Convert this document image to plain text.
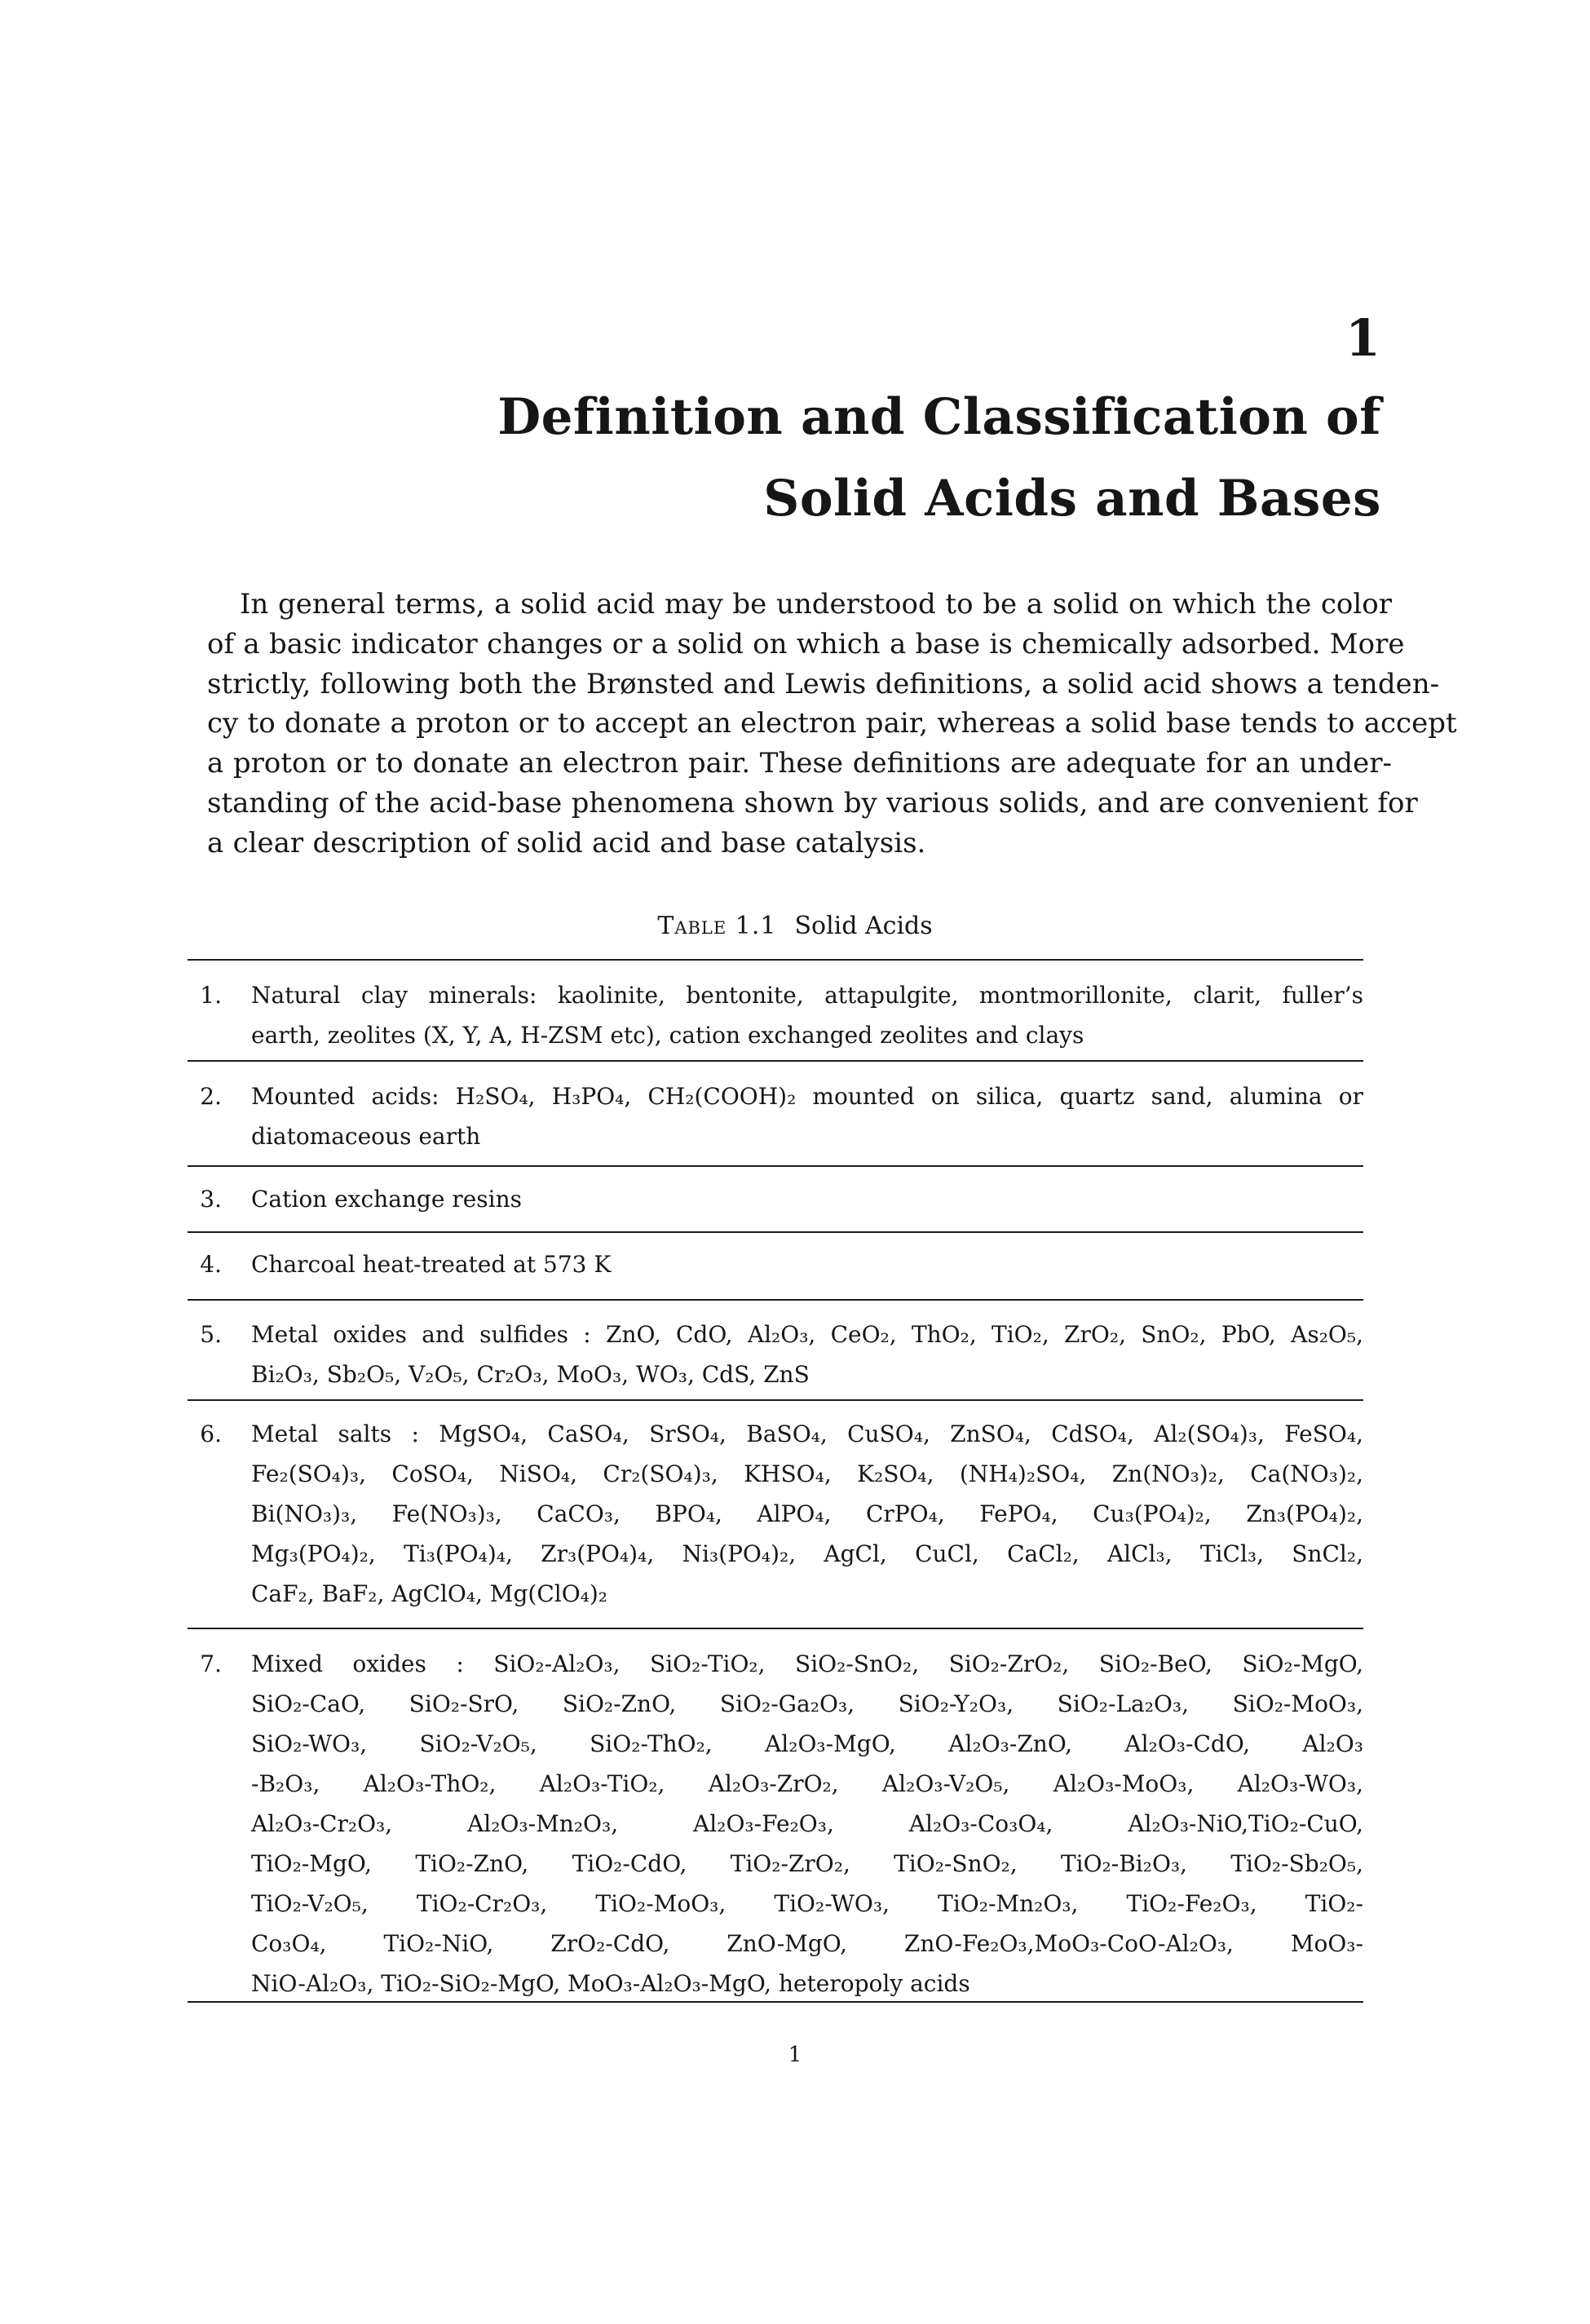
1
Definition and Classification of
Solid Acids and Bases
In general terms, a solid acid may be understood to be a solid on which the color
of a basic indicator changes or a solid on which a base is chemically adsorbed. More
strictly, following both the Brønsted and Lewis definitions, a solid acid shows a tenden-
cy to donate a proton or to accept an electron pair, whereas a solid base tends to accept
a proton or to donate an electron pair. These definitions are adequate for an under-
standing of the acid-base phenomena shown by various solids, and are convenient for
a clear description of solid acid and base catalysis.
Table 1.1 Solid Acids
1. Natural clay minerals: kaolinite, bentonite, attapulgite, montmorillonite, clarit, fuller’s
earth, zeolites (X, Y, A, H-ZSM etc), cation exchanged zeolites and clays
2. Mounted acids: H₂SO₄, H₃PO₄, CH₂(COOH)₂ mounted on silica, quartz sand, alumina or
diatomaceous earth
3. Cation exchange resins
4. Charcoal heat-treated at 573 K
5. Metal oxides and sulfides : ZnO, CdO, Al₂O₃, CeO₂, ThO₂, TiO₂, ZrO₂, SnO₂, PbO, As₂O₅,
Bi₂O₃, Sb₂O₅, V₂O₅, Cr₂O₃, MoO₃, WO₃, CdS, ZnS
6. Metal salts : MgSO₄, CaSO₄, SrSO₄, BaSO₄, CuSO₄, ZnSO₄, CdSO₄, Al₂(SO₄)₃, FeSO₄,
Fe₂(SO₄)₃, CoSO₄, NiSO₄, Cr₂(SO₄)₃, KHSO₄, K₂SO₄, (NH₄)₂SO₄, Zn(NO₃)₂, Ca(NO₃)₂,
Bi(NO₃)₃, Fe(NO₃)₃, CaCO₃, BPO₄, AlPO₄, CrPO₄, FePO₄, Cu₃(PO₄)₂, Zn₃(PO₄)₂,
Mg₃(PO₄)₂, Ti₃(PO₄)₄, Zr₃(PO₄)₄, Ni₃(PO₄)₂, AgCl, CuCl, CaCl₂, AlCl₃, TiCl₃, SnCl₂,
CaF₂, BaF₂, AgClO₄, Mg(ClO₄)₂
7. Mixed oxides : SiO₂-Al₂O₃, SiO₂-TiO₂, SiO₂-SnO₂, SiO₂-ZrO₂, SiO₂-BeO, SiO₂-MgO,
SiO₂-CaO, SiO₂-SrO, SiO₂-ZnO, SiO₂-Ga₂O₃, SiO₂-Y₂O₃, SiO₂-La₂O₃, SiO₂-MoO₃,
SiO₂-WO₃, SiO₂-V₂O₅, SiO₂-ThO₂, Al₂O₃-MgO, Al₂O₃-ZnO, Al₂O₃-CdO, Al₂O₃
-B₂O₃, Al₂O₃-ThO₂, Al₂O₃-TiO₂, Al₂O₃-ZrO₂, Al₂O₃-V₂O₅, Al₂O₃-MoO₃, Al₂O₃-WO₃,
Al₂O₃-Cr₂O₃, Al₂O₃-Mn₂O₃, Al₂O₃-Fe₂O₃, Al₂O₃-Co₃O₄, Al₂O₃-NiO,TiO₂-CuO,
TiO₂-MgO, TiO₂-ZnO, TiO₂-CdO, TiO₂-ZrO₂, TiO₂-SnO₂, TiO₂-Bi₂O₃, TiO₂-Sb₂O₅,
TiO₂-V₂O₅, TiO₂-Cr₂O₃, TiO₂-MoO₃, TiO₂-WO₃, TiO₂-Mn₂O₃, TiO₂-Fe₂O₃, TiO₂-
Co₃O₄, TiO₂-NiO, ZrO₂-CdO, ZnO-MgO, ZnO-Fe₂O₃,MoO₃-CoO-Al₂O₃, MoO₃-
NiO-Al₂O₃, TiO₂-SiO₂-MgO, MoO₃-Al₂O₃-MgO, heteropoly acids
1
